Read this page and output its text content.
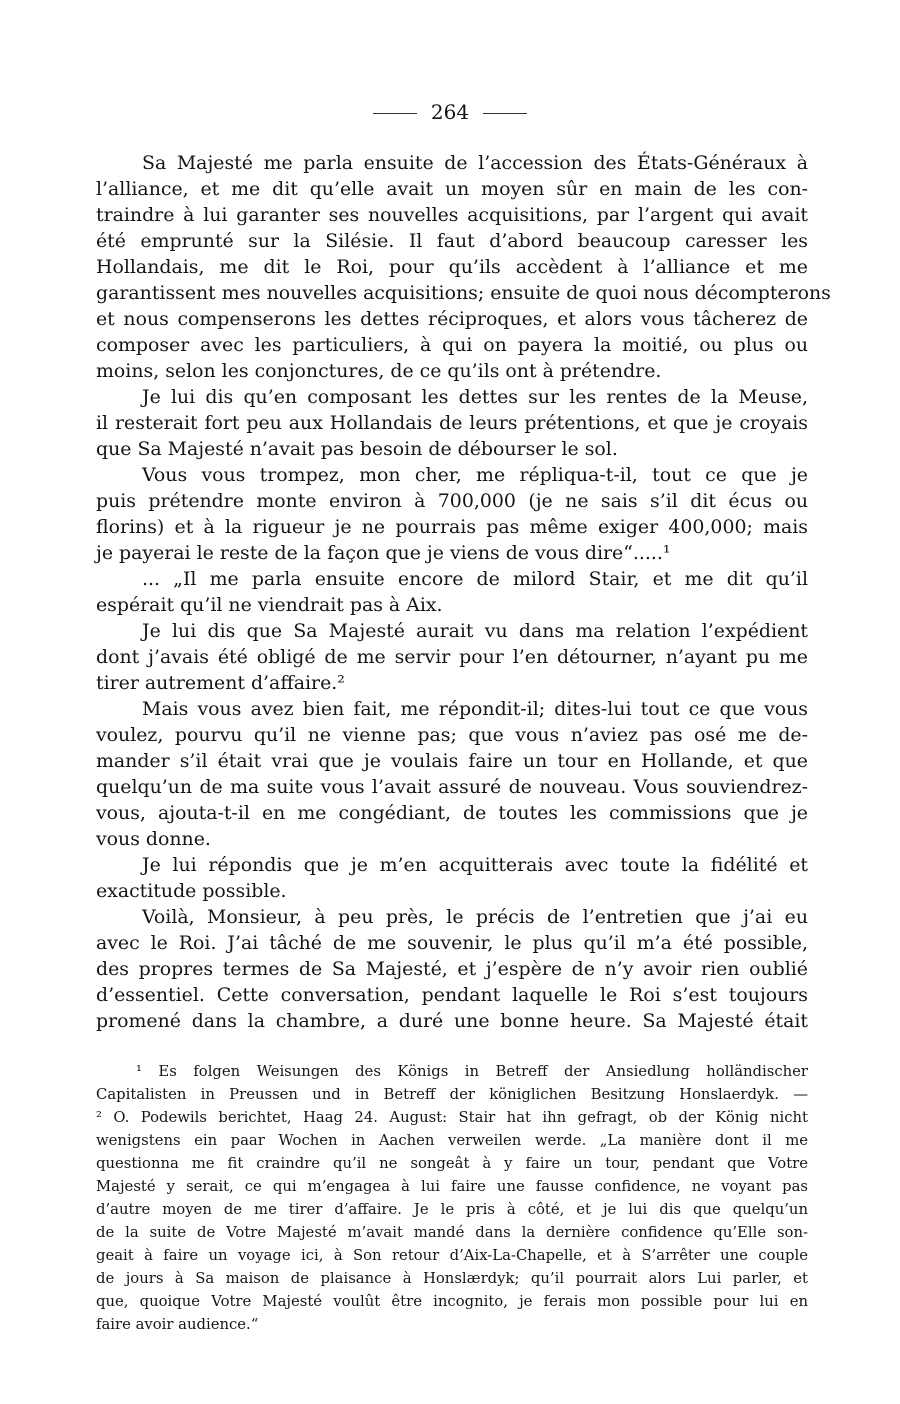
264
Sa Majesté me parla ensuite de l’accession des États-Généraux à
l’alliance, et me dit qu’elle avait un moyen sûr en main de les con-
traindre à lui garanter ses nouvelles acquisitions, par l’argent qui avait
été emprunté sur la Silésie. Il faut d’abord beaucoup caresser les
Hollandais, me dit le Roi, pour qu’ils accèdent à l’alliance et me
garantissent mes nouvelles acquisitions; ensuite de quoi nous décompterons
et nous compenserons les dettes réciproques, et alors vous tâcherez de
composer avec les particuliers, à qui on payera la moitié, ou plus ou
moins, selon les conjonctures, de ce qu’ils ont à prétendre.
Je lui dis qu’en composant les dettes sur les rentes de la Meuse,
il resterait fort peu aux Hollandais de leurs prétentions, et que je croyais
que Sa Majesté n’avait pas besoin de débourser le sol.
Vous vous trompez, mon cher, me répliqua-t-il, tout ce que je
puis prétendre monte environ à 700,000 (je ne sais s’il dit écus ou
florins) et à la rigueur je ne pourrais pas même exiger 400,000; mais
je payerai le reste de la façon que je viens de vous dire“.....¹
... „Il me parla ensuite encore de milord Stair, et me dit qu’il
espérait qu’il ne viendrait pas à Aix.
Je lui dis que Sa Majesté aurait vu dans ma relation l’expédient
dont j’avais été obligé de me servir pour l’en détourner, n’ayant pu me
tirer autrement d’affaire.²
Mais vous avez bien fait, me répondit-il; dites-lui tout ce que vous
voulez, pourvu qu’il ne vienne pas; que vous n’aviez pas osé me de-
mander s’il était vrai que je voulais faire un tour en Hollande, et que
quelqu’un de ma suite vous l’avait assuré de nouveau. Vous souviendrez-
vous, ajouta-t-il en me congédiant, de toutes les commissions que je
vous donne.
Je lui répondis que je m’en acquitterais avec toute la fidélité et
exactitude possible.
Voilà, Monsieur, à peu près, le précis de l’entretien que j’ai eu
avec le Roi. J’ai tâché de me souvenir, le plus qu’il m’a été possible,
des propres termes de Sa Majesté, et j’espère de n’y avoir rien oublié
d’essentiel. Cette conversation, pendant laquelle le Roi s’est toujours
promené dans la chambre, a duré une bonne heure. Sa Majesté était
¹ Es folgen Weisungen des Königs in Betreff der Ansiedlung holländischer
Capitalisten in Preussen und in Betreff der königlichen Besitzung Honslaerdyk. —
² O. Podewils berichtet, Haag 24. August: Stair hat ihn gefragt, ob der König nicht
wenigstens ein paar Wochen in Aachen verweilen werde. „La manière dont il me
questionna me fit craindre qu’il ne songeât à y faire un tour, pendant que Votre
Majesté y serait, ce qui m’engagea à lui faire une fausse confidence, ne voyant pas
d’autre moyen de me tirer d’affaire. Je le pris à côté, et je lui dis que quelqu’un
de la suite de Votre Majesté m’avait mandé dans la dernière confidence qu’Elle son-
geait à faire un voyage ici, à Son retour d’Aix-La-Chapelle, et à S’arrêter une couple
de jours à Sa maison de plaisance à Honslærdyk; qu’il pourrait alors Lui parler, et
que, quoique Votre Majesté voulût être incognito, je ferais mon possible pour lui en
faire avoir audience.“
